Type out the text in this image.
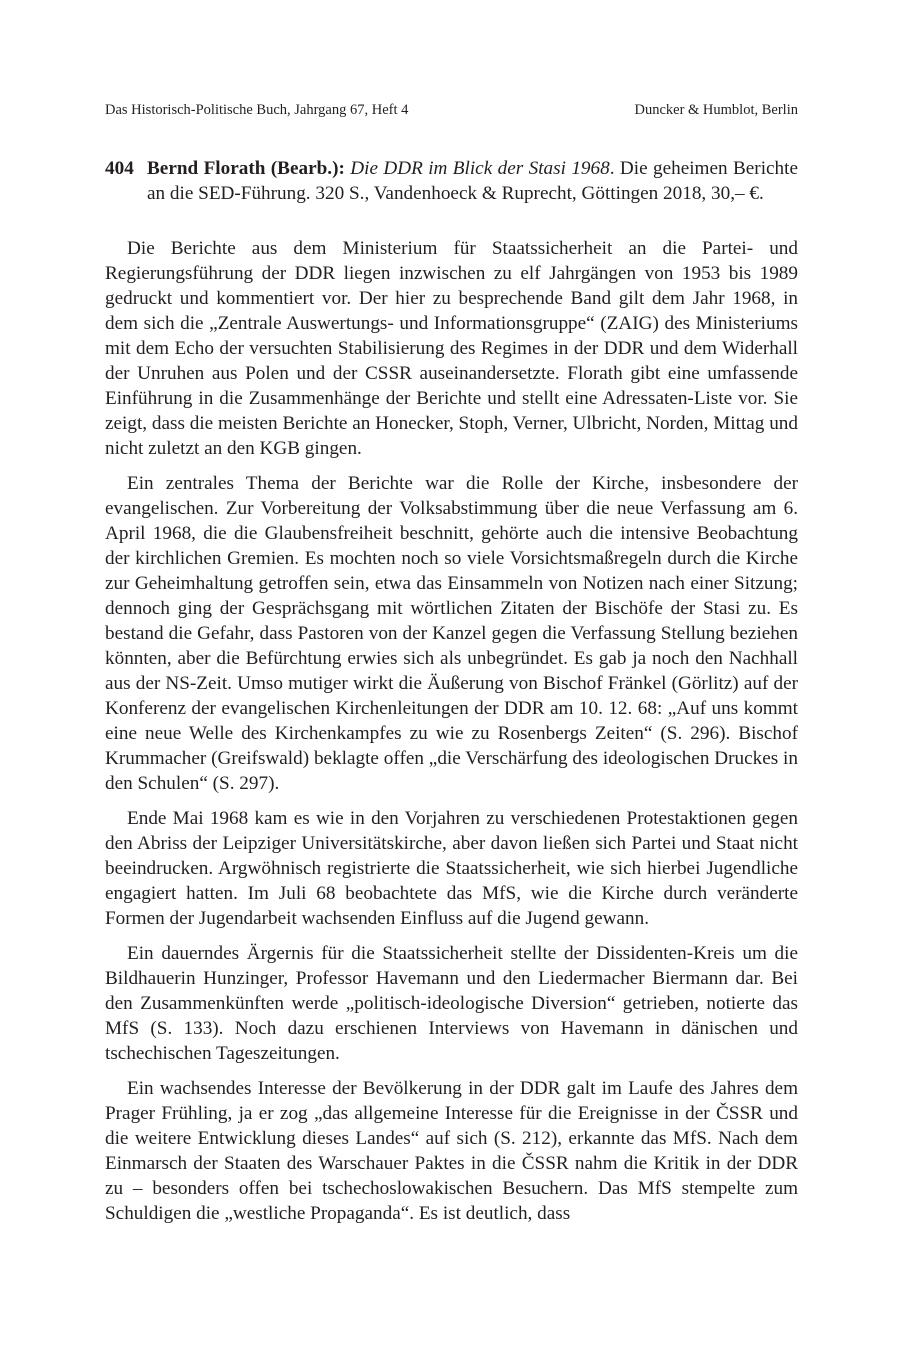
Das Historisch-Politische Buch, Jahrgang 67, Heft 4	Duncker & Humblot, Berlin
404 Bernd Florath (Bearb.): Die DDR im Blick der Stasi 1968. Die geheimen Berichte an die SED-Führung. 320 S., Vandenhoeck & Ruprecht, Göttingen 2018, 30,– €.

Die Berichte aus dem Ministerium für Staatssicherheit an die Partei- und Regierungsführung der DDR liegen inzwischen zu elf Jahrgängen von 1953 bis 1989 gedruckt und kommentiert vor. Der hier zu besprechende Band gilt dem Jahr 1968, in dem sich die „Zentrale Auswertungs- und Informationsgruppe“ (ZAIG) des Ministeriums mit dem Echo der versuchten Stabilisierung des Regimes in der DDR und dem Widerhall der Unruhen aus Polen und der CSSR auseinandersetzte. Florath gibt eine umfassende Einführung in die Zusammenhänge der Berichte und stellt eine Adressaten-Liste vor. Sie zeigt, dass die meisten Berichte an Honecker, Stoph, Verner, Ulbricht, Norden, Mittag und nicht zuletzt an den KGB gingen.

Ein zentrales Thema der Berichte war die Rolle der Kirche, insbesondere der evangelischen. Zur Vorbereitung der Volksabstimmung über die neue Verfassung am 6. April 1968, die die Glaubensfreiheit beschnitt, gehörte auch die intensive Beobachtung der kirchlichen Gremien. Es mochten noch so viele Vorsichtsmaßregeln durch die Kirche zur Geheimhaltung getroffen sein, etwa das Einsammeln von Notizen nach einer Sitzung; dennoch ging der Gesprächsgang mit wörtlichen Zitaten der Bischöfe der Stasi zu. Es bestand die Gefahr, dass Pastoren von der Kanzel gegen die Verfassung Stellung beziehen könnten, aber die Befürchtung erwies sich als unbegründet. Es gab ja noch den Nachhall aus der NS-Zeit. Umso mutiger wirkt die Äußerung von Bischof Fränkel (Görlitz) auf der Konferenz der evangelischen Kirchenleitungen der DDR am 10. 12. 68: „Auf uns kommt eine neue Welle des Kirchenkampfes zu wie zu Rosenbergs Zeiten“ (S. 296). Bischof Krummacher (Greifswald) beklagte offen „die Verschärfung des ideologischen Druckes in den Schulen“ (S. 297).

Ende Mai 1968 kam es wie in den Vorjahren zu verschiedenen Protestaktionen gegen den Abriss der Leipziger Universitätskirche, aber davon ließen sich Partei und Staat nicht beeindrucken. Argwöhnisch registrierte die Staatssicherheit, wie sich hierbei Jugendliche engagiert hatten. Im Juli 68 beobachtete das MfS, wie die Kirche durch veränderte Formen der Jugendarbeit wachsenden Einfluss auf die Jugend gewann.

Ein dauerndes Ärgernis für die Staatssicherheit stellte der Dissidenten-Kreis um die Bildhauerin Hunzinger, Professor Havemann und den Liedermacher Biermann dar. Bei den Zusammenkünften werde „politisch-ideologische Diversion“ getrieben, notierte das MfS (S. 133). Noch dazu erschienen Interviews von Havemann in dänischen und tschechischen Tageszeitungen.

Ein wachsendes Interesse der Bevölkerung in der DDR galt im Laufe des Jahres dem Prager Frühling, ja er zog „das allgemeine Interesse für die Ereignisse in der ČSSR und die weitere Entwicklung dieses Landes“ auf sich (S. 212), erkannte das MfS. Nach dem Einmarsch der Staaten des Warschauer Paktes in die ČSSR nahm die Kritik in der DDR zu – besonders offen bei tschechoslowakischen Besuchern. Das MfS stempelte zum Schuldigen die „westliche Propaganda“. Es ist deutlich, dass
